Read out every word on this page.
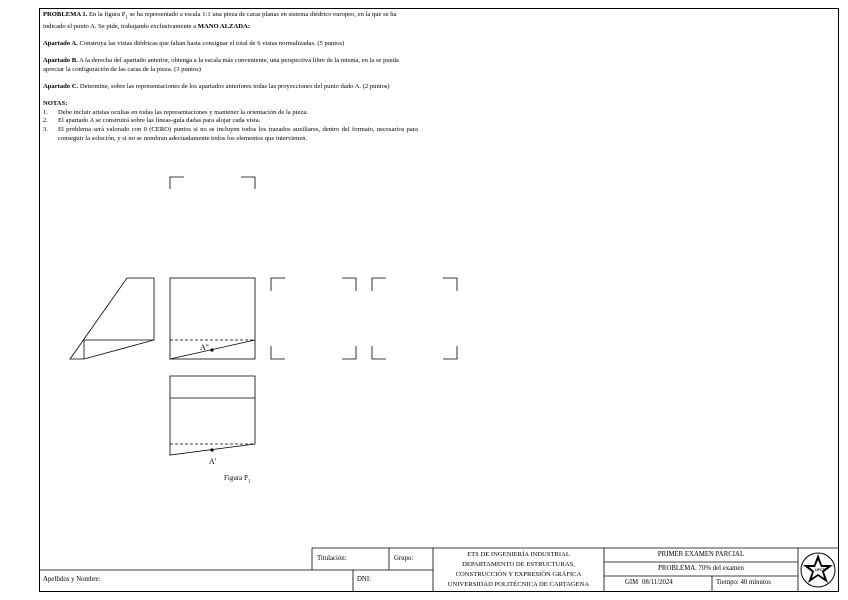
PROBLEMA 1. En la figura $P_1$ se ha representado a escala 1:1 una pieza de caras planas en sistema diédrico europeo, en la que se ha indicado el punto A. Se pide, trabajando exclusivamente a MANO ALZADA:

Apartado A. Construya las vistas diédricas que faltan hasta consignar el total de 6 vistas normalizadas. (5 puntos)

Apartado B. A la derecha del apartado anterior, obtenga a la escala más conveniente, una perspectiva libre de la misma, en la se pueda apreciar la configuración de las caras de la pieza. (3 puntos)

Apartado C. Determine, sobre las representaciones de los apartados anteriores todas las proyecciones del punto dado A. (2 puntos)

NOTAS:

1.	Debe incluir aristas ocultas en todas las representaciones y mantener la orientación de la pieza.
2.	El apartado A se construirá sobre las líneas-guía dadas para alojar cada vista.
3.	El problema será valorado con 0 (CERO) puntos si no se incluyen todos los trazados auxiliares, dentro del formato, necesarios para conseguir la solución, y si no se nombran adecuadamente todos los elementos que intervienen.
A''
A'
UPCT
Figura $P_1$
Titulación:	Grupo:
Apellidos y Nombre:	DNI:
ETS DE INGENIERÍA INDUSTRIAL
DEPARTAMENTO DE ESTRUCTURAS,
CONSTRUCCIÓN Y EXPRESIÓN GRÁFICA
UNIVERSIDAD POLITÉCNICA DE CARTAGENA
PRIMER EXAMEN PARCIAL
PROBLEMA. 70% del examen
GIM 08/11/2024	Tiempo: 40 minutos
